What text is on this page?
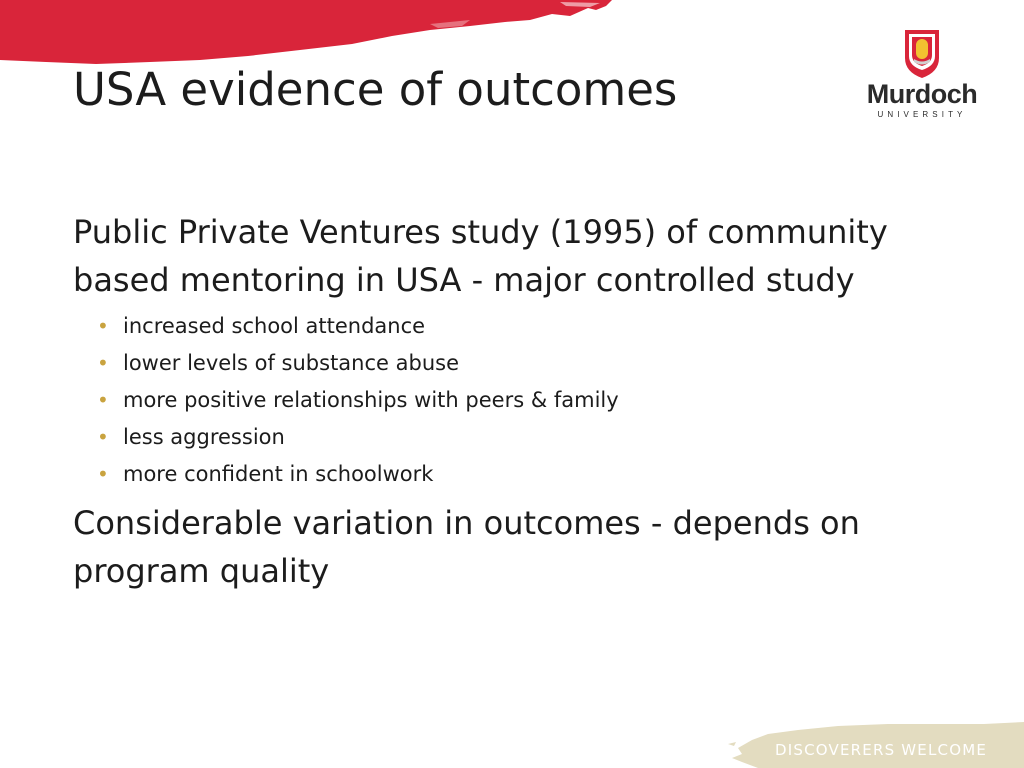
USA evidence of outcomes	Murdoch
UNIVERSITY

Public Private Ventures study (1995) of community based mentoring in USA - major controlled study

• increased school attendance
• lower levels of substance abuse
• more positive relationships with peers & family
• less aggression
• more confident in schoolwork

Considerable variation in outcomes - depends on program quality

DISCOVERERS WELCOME
